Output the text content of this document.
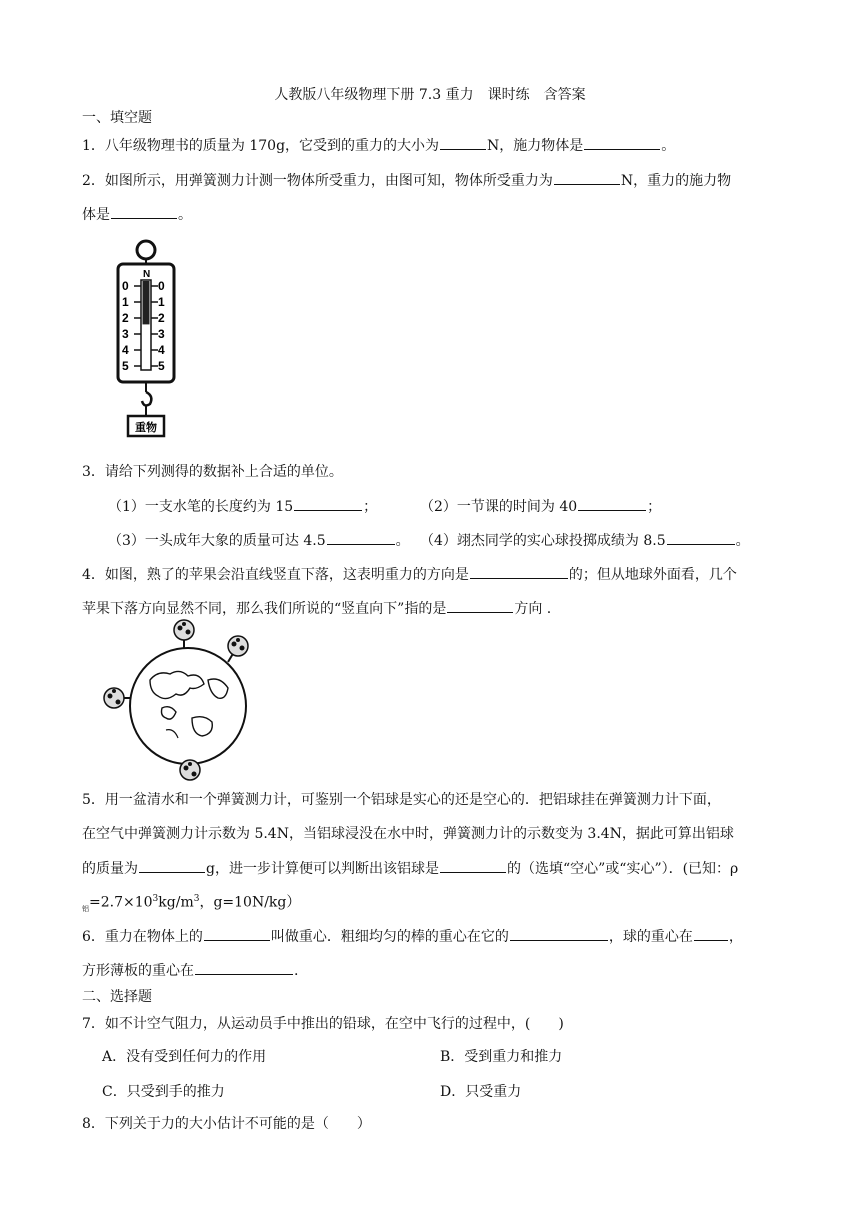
人教版八年级物理下册 7.3 重力　课时练　含答案
一、填空题
1．八年级物理书的质量为 170g，它受到的重力的大小为	N，施力物体是	。
2．如图所示，用弹簧测力计测一物体所受重力，由图可知，物体所受重力为	N，重力的施力物
体是	。
N
0 0
1 1
2 2
3 3
4 4
5 5
重物
3．请给下列测得的数据补上合适的单位。
（1）一支水笔的长度约为 15	；	（2）一节课的时间为 40	；
（3）一头成年大象的质量可达 4.5	。 （4）翊杰同学的实心球投掷成绩为 8.5	。
4．如图，熟了的苹果会沿直线竖直下落，这表明重力的方向是	的；但从地球外面看，几个
苹果下落方向显然不同，那么我们所说的“竖直向下”指的是	方向 .
5．用一盆清水和一个弹簧测力计，可鉴别一个铝球是实心的还是空心的．把铝球挂在弹簧测力计下面，
在空气中弹簧测力计示数为 5.4N，当铝球浸没在水中时，弹簧测力计的示数变为 3.4N，据此可算出铝球
的质量为	g，进一步计算便可以判断出该铝球是	的（选填“空心”或“实心”）．(已知：ρ
$_铝=2.7\times 10^3kg/m^3$，g=10N/kg）
6．重力在物体上的	叫做重心．粗细均匀的棒的重心在它的	，球的重心在	，
方形薄板的重心在	.
二、选择题
7．如不计空气阻力，从运动员手中推出的铅球，在空中飞行的过程中，(　　)
A．没有受到任何力的作用	B．受到重力和推力
C．只受到手的推力	D．只受重力
8．下列关于力的大小估计不可能的是（　　）
